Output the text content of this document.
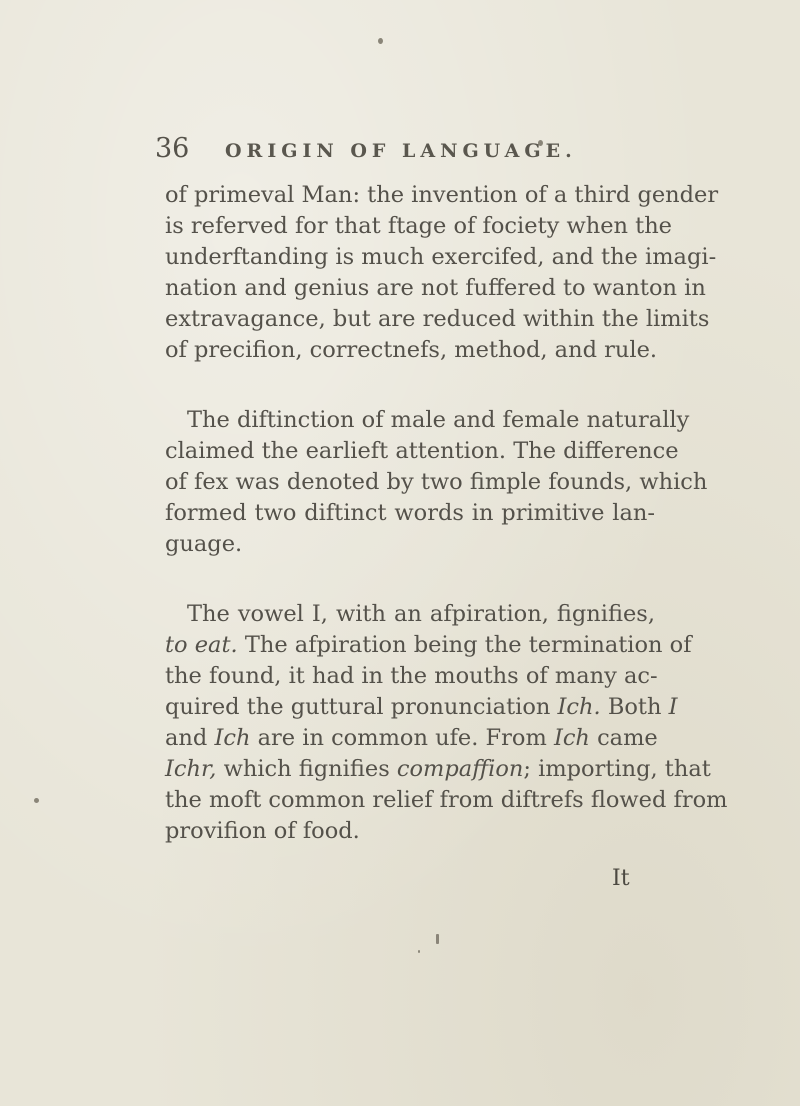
36	ORIGIN OF LANGUAGE.
of primeval Man: the invention of a third gender
is referved for that ftage of fociety when the
underftanding is much exercifed, and the imagi-
nation and genius are not fuffered to wanton in
extravagance, but are reduced within the limits
of precifion, correctnefs, method, and rule.
The diftinction of male and female naturally
claimed the earlieft attention. The difference
of fex was denoted by two fimple founds, which
formed two diftinct words in primitive lan-
guage.
The vowel I, with an afpiration, fignifies,
to eat. The afpiration being the termination of
the found, it had in the mouths of many ac-
quired the guttural pronunciation Ich. Both I
and Ich are in common ufe. From Ich came
Ichr, which fignifies compaffion; importing, that
the moft common relief from diftrefs flowed from
provifion of food.
It
